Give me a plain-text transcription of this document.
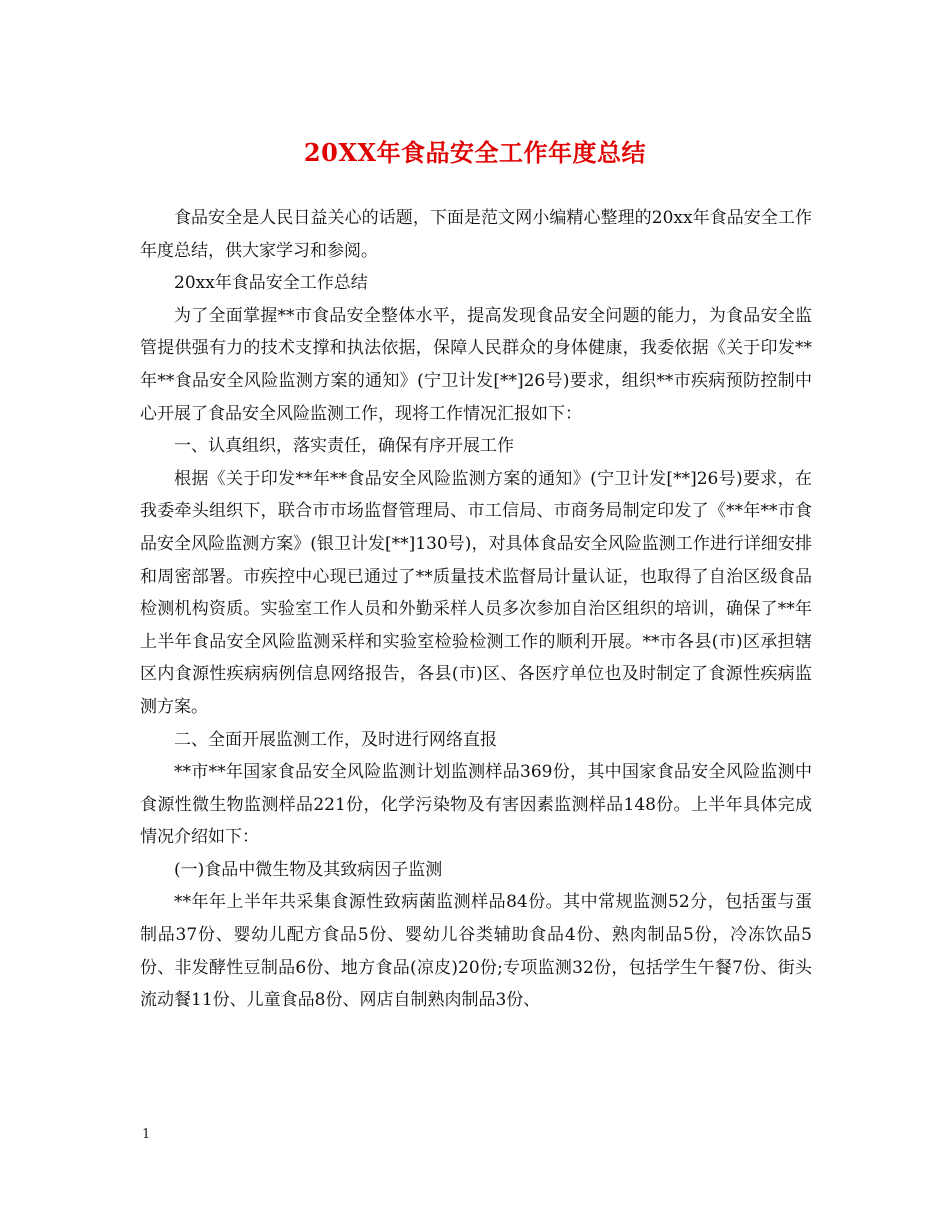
20XX年食品安全工作年度总结

食品安全是人民日益关心的话题，下面是范文网小编精心整理的20xx年食品安全工作年度总结，供大家学习和参阅。

20xx年食品安全工作总结

为了全面掌握**市食品安全整体水平，提高发现食品安全问题的能力，为食品安全监管提供强有力的技术支撑和执法依据，保障人民群众的身体健康，我委依据《关于印发**年**食品安全风险监测方案的通知》(宁卫计发[**]26号)要求，组织**市疾病预防控制中心开展了食品安全风险监测工作，现将工作情况汇报如下：

一、认真组织，落实责任，确保有序开展工作

根据《关于印发**年**食品安全风险监测方案的通知》(宁卫计发[**]26号)要求，在我委牵头组织下，联合市市场监督管理局、市工信局、市商务局制定印发了《**年**市食品安全风险监测方案》(银卫计发[**]130号)，对具体食品安全风险监测工作进行详细安排和周密部署。市疾控中心现已通过了**质量技术监督局计量认证，也取得了自治区级食品检测机构资质。实验室工作人员和外勤采样人员多次参加自治区组织的培训，确保了**年上半年食品安全风险监测采样和实验室检验检测工作的顺利开展。**市各县(市)区承担辖区内食源性疾病病例信息网络报告，各县(市)区、各医疗单位也及时制定了食源性疾病监测方案。

二、全面开展监测工作，及时进行网络直报

**市**年国家食品安全风险监测计划监测样品369份，其中国家食品安全风险监测中食源性微生物监测样品221份，化学污染物及有害因素监测样品148份。上半年具体完成情况介绍如下：

(一)食品中微生物及其致病因子监测

**年年上半年共采集食源性致病菌监测样品84份。其中常规监测52分，包括蛋与蛋制品37份、婴幼儿配方食品5份、婴幼儿谷类辅助食品4份、熟肉制品5份，冷冻饮品5份、非发酵性豆制品6份、地方食品(凉皮)20份;专项监测32份，包括学生午餐7份、街头流动餐11份、儿童食品8份、网店自制熟肉制品3份、

1
